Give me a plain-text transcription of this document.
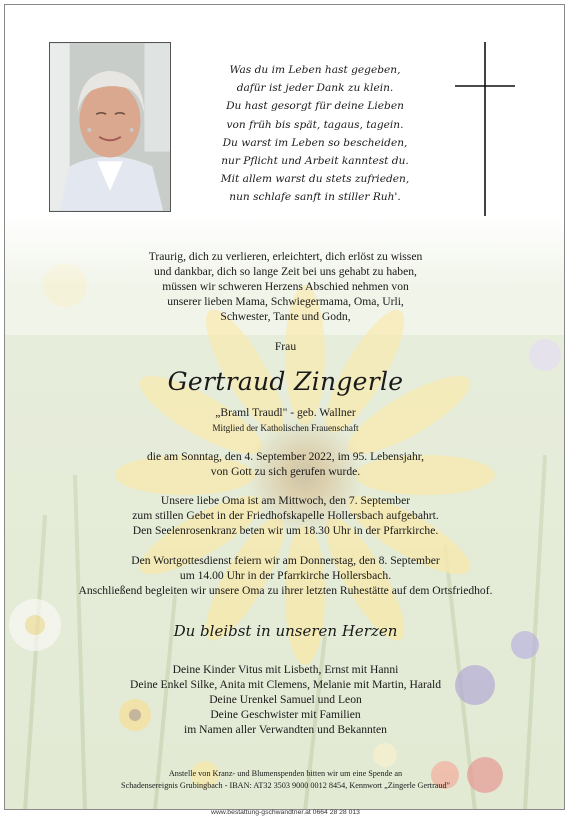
Was du im Leben hast gegeben,
dafür ist jeder Dank zu klein.
Du hast gesorgt für deine Lieben
von früh bis spät, tagaus, tagein.
Du warst im Leben so bescheiden,
nur Pflicht und Arbeit kanntest du.
Mit allem warst du stets zufrieden,
nun schlafe sanft in stiller Ruh'.
Traurig, dich zu verlieren, erleichtert, dich erlöst zu wissen
und dankbar, dich so lange Zeit bei uns gehabt zu haben,
müssen wir schweren Herzens Abschied nehmen von
unserer lieben Mama, Schwiegermama, Oma, Urli,
Schwester, Tante und Godn,
Frau
Gertraud Zingerle
„Braml Traudl" - geb. Wallner
Mitglied der Katholischen Frauenschaft
die am Sonntag, den 4. September 2022, im 95. Lebensjahr,
von Gott zu sich gerufen wurde.
Unsere liebe Oma ist am Mittwoch, den 7. September
zum stillen Gebet in der Friedhofskapelle Hollersbach aufgebahrt.
Den Seelenrosenkranz beten wir um 18.30 Uhr in der Pfarrkirche.
Den Wortgottesdienst feiern wir am Donnerstag, den 8. September
um 14.00 Uhr in der Pfarrkirche Hollersbach.
Anschließend begleiten wir unsere Oma zu ihrer letzten Ruhestätte auf dem Ortsfriedhof.
Du bleibst in unseren Herzen
Deine Kinder Vitus mit Lisbeth, Ernst mit Hanni
Deine Enkel Silke, Anita mit Clemens, Melanie mit Martin, Harald
Deine Urenkel Samuel und Leon
Deine Geschwister mit Familien
im Namen aller Verwandten und Bekannten
Anstelle von Kranz- und Blumenspenden bitten wir um eine Spende an
Schadensereignis Grubingbach - IBAN: AT32 3503 9000 0012 8454, Kennwort „Zingerle Gertraud"
www.bestattung-gschwandtner.at 0664 28 28 013
